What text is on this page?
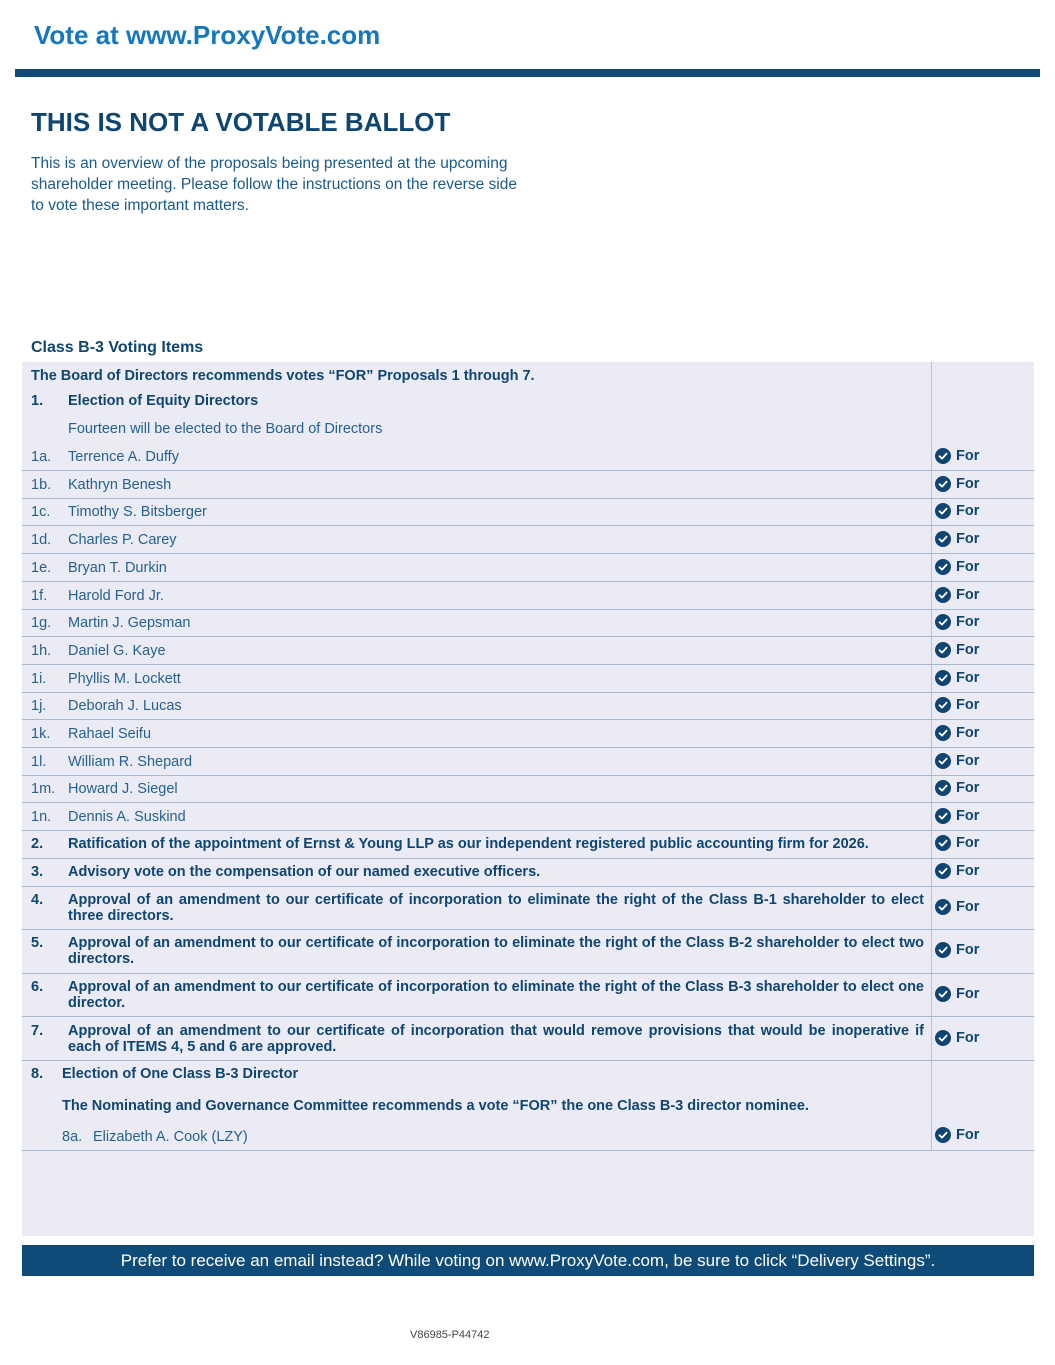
Vote at www.ProxyVote.com
THIS IS NOT A VOTABLE BALLOT
This is an overview of the proposals being presented at the upcoming shareholder meeting. Please follow the instructions on the reverse side to vote these important matters.
Class B-3 Voting Items
The Board of Directors recommends votes “FOR” Proposals 1 through 7.
1. Election of Equity Directors
Fourteen will be elected to the Board of Directors
1a. Terrence A. Duffy	For
1b. Kathryn Benesh	For
1c. Timothy S. Bitsberger	For
1d. Charles P. Carey	For
1e. Bryan T. Durkin	For
1f. Harold Ford Jr.	For
1g. Martin J. Gepsman	For
1h. Daniel G. Kaye	For
1i. Phyllis M. Lockett	For
1j. Deborah J. Lucas	For
1k. Rahael Seifu	For
1l. William R. Shepard	For
1m. Howard J. Siegel	For
1n. Dennis A. Suskind	For
2. Ratification of the appointment of Ernst & Young LLP as our independent registered public accounting firm for 2026.	For
3. Advisory vote on the compensation of our named executive officers.	For
4. Approval of an amendment to our certificate of incorporation to eliminate the right of the Class B-1 shareholder to elect three directors.
For
5. Approval of an amendment to our certificate of incorporation to eliminate the right of the Class B-2 shareholder to elect two directors.
For
6. Approval of an amendment to our certificate of incorporation to eliminate the right of the Class B-3 shareholder to elect one director.
For
7. Approval of an amendment to our certificate of incorporation that would remove provisions that would be inoperative if each of ITEMS 4, 5 and 6 are approved.
For
8. Election of One Class B-3 Director
The Nominating and Governance Committee recommends a vote “FOR” the one Class B-3 director nominee.
8a. Elizabeth A. Cook (LZY)	For
Prefer to receive an email instead? While voting on www.ProxyVote.com, be sure to click “Delivery Settings”.
V86985-P44742
